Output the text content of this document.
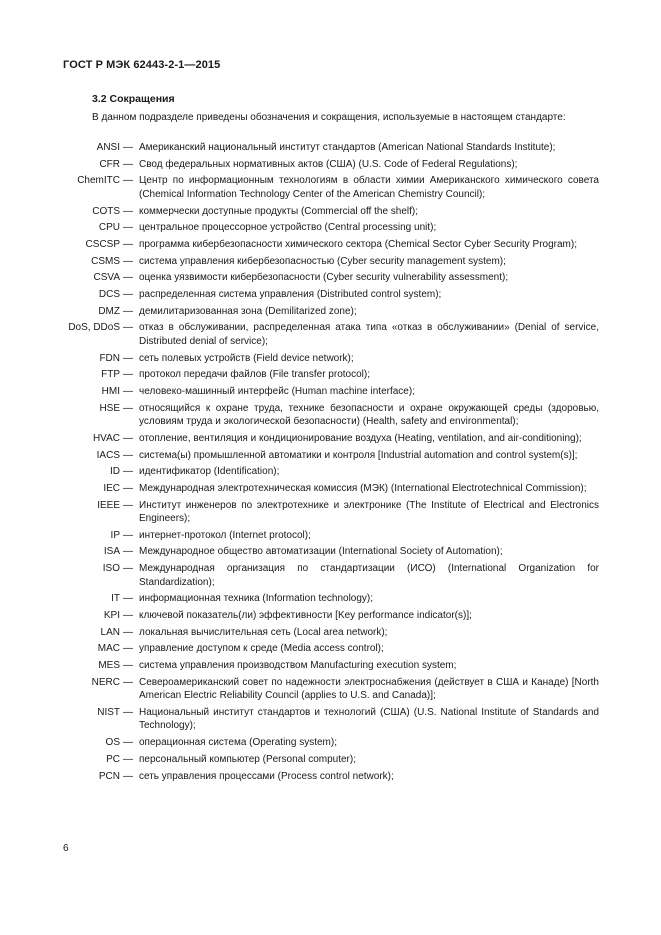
ГОСТ Р МЭК 62443-2-1—2015
3.2 Сокращения
В данном подразделе приведены обозначения и сокращения, используемые в настоящем стандарте:
ANSI — Американский национальный институт стандартов (American National Standards Institute);
CFR — Свод федеральных нормативных актов (США) (U.S. Code of Federal Regulations);
ChemITC — Центр по информационным технологиям в области химии Американского химического совета (Chemical Information Technology Center of the American Chemistry Council);
COTS — коммерчески доступные продукты (Commercial off the shelf);
CPU — центральное процессорное устройство (Central processing unit);
CSCSP — программа кибербезопасности химического сектора (Chemical Sector Cyber Security Program);
CSMS — система управления кибербезопасностью (Cyber security management system);
CSVA — оценка уязвимости кибербезопасности (Cyber security vulnerability assessment);
DCS — распределенная система управления (Distributed control system);
DMZ — демилитаризованная зона (Demilitarized zone);
DoS, DDoS — отказ в обслуживании, распределенная атака типа «отказ в обслуживании» (Denial of service, Distributed denial of service);
FDN — сеть полевых устройств (Field device network);
FTP — протокол передачи файлов (File transfer protocol);
HMI — человеко-машинный интерфейс (Human machine interface);
HSE — относящийся к охране труда, технике безопасности и охране окружающей среды (здоровью, условиям труда и экологической безопасности) (Health, safety and environmental);
HVAC — отопление, вентиляция и кондиционирование воздуха (Heating, ventilation, and air-conditioning);
IACS — система(ы) промышленной автоматики и контроля [Industrial automation and control system(s)];
ID — идентификатор (Identification);
IEC — Международная электротехническая комиссия (МЭК) (International Electrotechnical Commission);
IEEE — Институт инженеров по электротехнике и электронике (The Institute of Electrical and Electronics Engineers);
IP — интернет-протокол (Internet protocol);
ISA — Международное общество автоматизации (International Society of Automation);
ISO — Международная организация по стандартизации (ИСО) (International Organization for Standardization);
IT — информационная техника (Information technology);
KPI — ключевой показатель(ли) эффективности [Key performance indicator(s)];
LAN — локальная вычислительная сеть (Local area network);
MAC — управление доступом к среде (Media access control);
MES — система управления производством Manufacturing execution system;
NERC — Североамериканский совет по надежности электроснабжения (действует в США и Канаде) [North American Electric Reliability Council (applies to U.S. and Canada)];
NIST — Национальный институт стандартов и технологий (США) (U.S. National Institute of Standards and Technology);
OS — операционная система (Operating system);
PC — персональный компьютер (Personal computer);
PCN — сеть управления процессами (Process control network);
6
